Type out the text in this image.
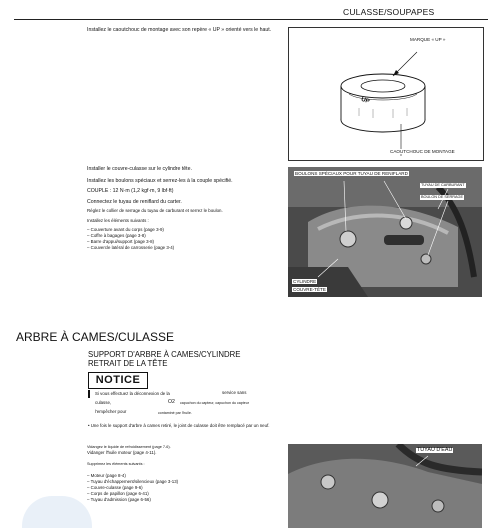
CULASSE/SOUPAPES
Installez le caoutchouc de montage avec son repère « UP » orienté vers le haut.
MARQUE « UP »
UP
CAOUTCHOUC DE MONTAGE
Installer le couvre-culasse sur le cylindre tête.
Installez les boulons spéciaux et serrez-les à la couple spécifié.
COUPLE : 12 N·m (1,2 kgf·m, 9 lbf·ft)
Connectez le tuyau de reniflard du carter.
Réglez le collier de serrage du tuyau de carburant et serrez le boulon.
Installez les éléments suivants :
– Couverture avant du corps (page 3-9)
– Coffre à bagages (page 3-8)
– Barre d'appui/support (page 3-8)
– Couvercle latéral de carrosserie (page 3-4)
BOULONS SPÉCIAUX POUR TUYAU DE RENIFLARD
TUYAU DE CARBURANT
BOULON DE SERRAGE
CYLINDRE
COUVRE-TÊTE
ARBRE À CAMES/CULASSE
SUPPORT D'ARBRE À CAMES/CYLINDRE
RETRAIT DE LA TÊTE
NOTICE
Si vous effectuez la déconnexion de la	service sans
culasse,	O2 capuchon du capteur, capuchon du capteur
l'empêcher pour	contaminé par l'huile.
• Une fois le support d'arbre à cames retiré, le joint de culasse doit être remplacé par un neuf.
Vidangez le liquide de refroidissement (page 7-6).
Vidanger l'huile moteur (page 4-11).
Supprimez les éléments suivants :
– Moteur (page 8-4)
– Tuyau d'échappement/silencieux (page 3-13)
– Couvre-culasse (page 9-6)
– Corps de papillon (page 6-41)
– Tuyau d'admission (page 6-56)
TUYAU D'EAU
